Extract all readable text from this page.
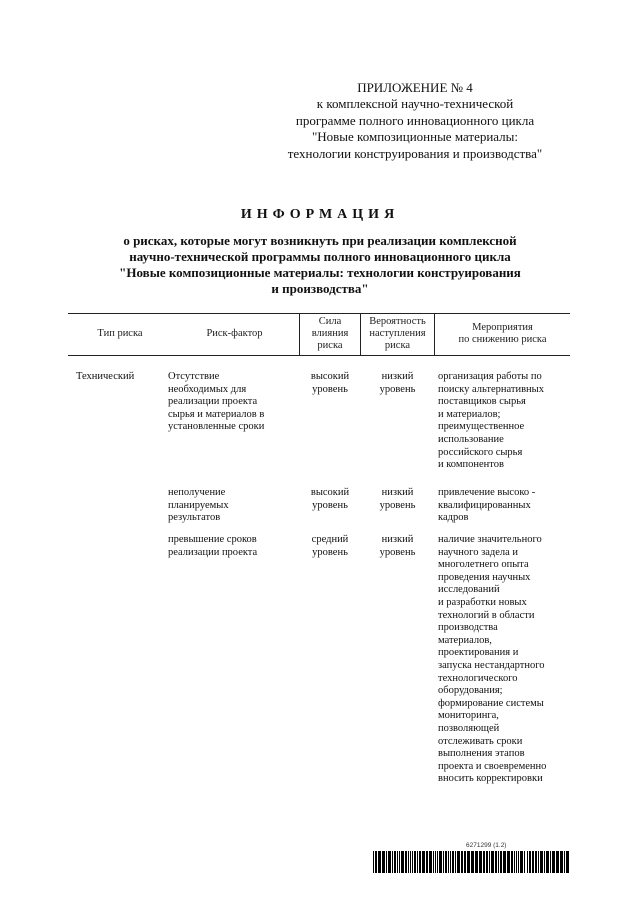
ПРИЛОЖЕНИЕ № 4
к комплексной научно-технической
программе полного инновационного цикла
"Новые композиционные материалы:
технологии конструирования и производства"
ИНФОРМАЦИЯ
о рисках, которые могут возникнуть при реализации комплексной
научно-технической программы полного инновационного цикла
"Новые композиционные материалы: технологии конструирования
и производства"
Тип риска	Риск-фактор
Сила
влияния
риска
Вероятность
наступления
риска
Мероприятия
по снижению риска
Технический	Отсутствие
необходимых для
реализации проекта
сырья и материалов в
установленные сроки
высокий
уровень
низкий
уровень
организация работы по
поиску альтернативных
поставщиков сырья
и материалов;
преимущественное
использование
российского сырья
и компонентов
неполучение
планируемых
результатов
высокий
уровень
низкий
уровень
привлечение высоко -
квалифицированных
кадров
превышение сроков
реализации проекта
средний
уровень
низкий
уровень
наличие значительного
научного задела и
многолетнего опыта
проведения научных
исследований
и разработки новых
технологий в области
производства
материалов,
проектирования и
запуска нестандартного
технологического
оборудования;
формирование системы
мониторинга,
позволяющей
отслеживать сроки
выполнения этапов
проекта и своевременно
вносить корректировки
6271299 (1.2)
